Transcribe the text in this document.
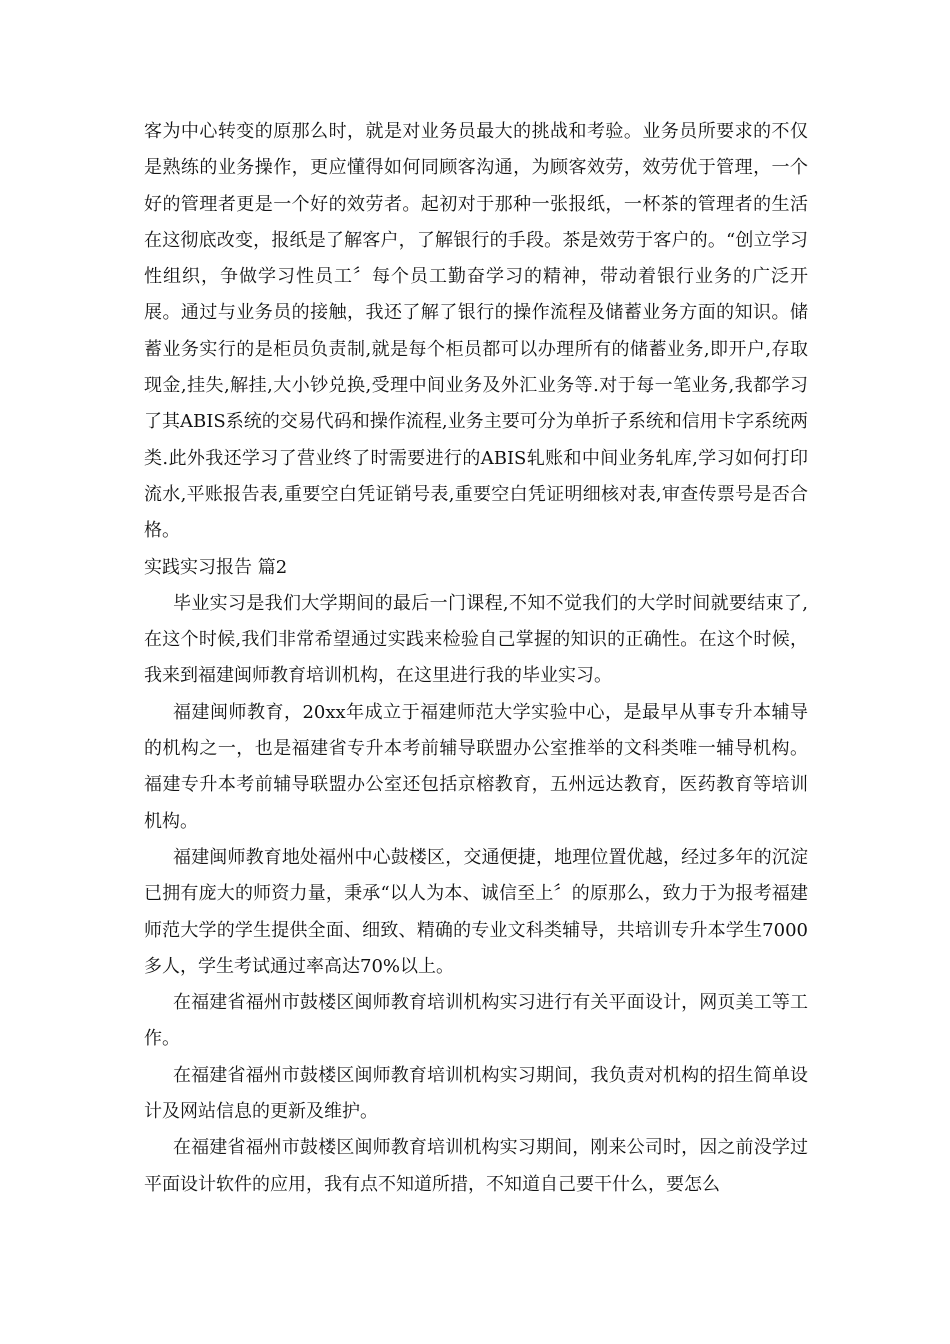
客为中心转变的原那么时，就是对业务员最大的挑战和考验。业务员所要求的不仅是熟练的业务操作，更应懂得如何同顾客沟通，为顾客效劳，效劳优于管理，一个好的管理者更是一个好的效劳者。起初对于那种一张报纸，一杯茶的管理者的生活在这彻底改变，报纸是了解客户，了解银行的手段。茶是效劳于客户的。“创立学习性组织，争做学习性员工〞每个员工勤奋学习的精神，带动着银行业务的广泛开展。通过与业务员的接触，我还了解了银行的操作流程及储蓄业务方面的知识。储蓄业务实行的是柜员负责制,就是每个柜员都可以办理所有的储蓄业务,即开户,存取现金,挂失,解挂,大小钞兑换,受理中间业务及外汇业务等.对于每一笔业务,我都学习了其ABIS系统的交易代码和操作流程,业务主要可分为单折子系统和信用卡字系统两类.此外我还学习了营业终了时需要进行的ABIS轧账和中间业务轧库,学习如何打印流水,平账报告表,重要空白凭证销号表,重要空白凭证明细核对表,审查传票号是否合格。

实践实习报告 篇2

毕业实习是我们大学期间的最后一门课程,不知不觉我们的大学时间就要结束了,在这个时候,我们非常希望通过实践来检验自己掌握的知识的正确性。在这个时候，我来到福建闽师教育培训机构，在这里进行我的毕业实习。

福建闽师教育，20xx年成立于福建师范大学实验中心，是最早从事专升本辅导的机构之一，也是福建省专升本考前辅导联盟办公室推举的文科类唯一辅导机构。福建专升本考前辅导联盟办公室还包括京榕教育，五州远达教育，医药教育等培训机构。

福建闽师教育地处福州中心鼓楼区，交通便捷，地理位置优越，经过多年的沉淀已拥有庞大的师资力量，秉承“以人为本、诚信至上〞的原那么，致力于为报考福建师范大学的学生提供全面、细致、精确的专业文科类辅导，共培训专升本学生7000多人，学生考试通过率高达70%以上。

在福建省福州市鼓楼区闽师教育培训机构实习进行有关平面设计，网页美工等工作。

在福建省福州市鼓楼区闽师教育培训机构实习期间，我负责对机构的招生简单设计及网站信息的更新及维护。

在福建省福州市鼓楼区闽师教育培训机构实习期间，刚来公司时，因之前没学过平面设计软件的应用，我有点不知道所措，不知道自己要干什么，要怎么
